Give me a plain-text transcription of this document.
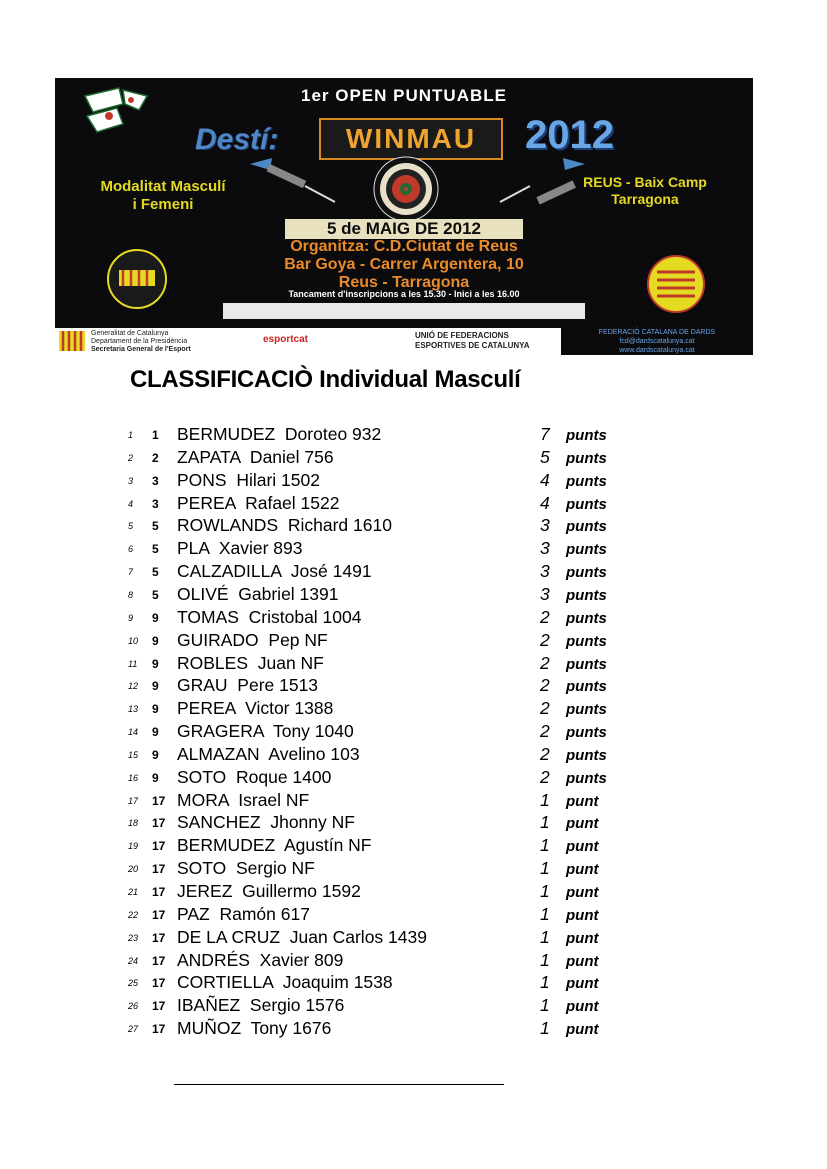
1er OPEN PUNTUABLE
Destí:	WINMAU	2012
Modalitat Masculí
i Femeni
REUS - Baix Camp
Tarragona
5 de MAIG DE 2012
Organitza: C.D.Ciutat de Reus
Bar Goya - Carrer Argentera, 10
Reus - Tarragona
Tancament d'inscripcions a les 15.30 - Inici a les 16.00
Generalitat de Catalunya
Departament de la Presidència
Secretaria General de l'Esport
esportcat	UNIÓ DE FEDERACIONS
ESPORTIVES DE CATALUNYA
FEDERACIÓ CATALANA DE DARDS
fcd@dardscatalunya.cat
www.dardscatalunya.cat
CLASSIFICACIÒ Individual Masculí
1 1	BERMUDEZ  Doroteo 932	7 punts
2 2	ZAPATA  Daniel 756	5 punts
3 3	PONS  Hilari 1502	4 punts
4 3	PEREA  Rafael 1522	4 punts
5 5	ROWLANDS  Richard 1610	3 punts
6 5	PLA  Xavier 893	3 punts
7 5	CALZADILLA  José 1491	3 punts
8 5	OLIVÉ  Gabriel 1391	3 punts
9 9	TOMAS  Cristobal 1004	2 punts
10 9	GUIRADO  Pep NF	2 punts
11 9	ROBLES  Juan NF	2 punts
12 9	GRAU  Pere 1513	2 punts
13 9	PEREA  Victor 1388	2 punts
14 9	GRAGERA  Tony 1040	2 punts
15 9	ALMAZAN  Avelino 103	2 punts
16 9	SOTO  Roque 1400	2 punts
17 17 MORA  Israel NF	1 punt
18 17 SANCHEZ  Jhonny NF	1 punt
19 17 BERMUDEZ  Agustín NF	1 punt
20 17 SOTO  Sergio NF	1 punt
21 17 JEREZ  Guillermo 1592	1 punt
22 17 PAZ  Ramón 617	1 punt
23 17 DE LA CRUZ  Juan Carlos 1439	1 punt
24 17 ANDRÉS  Xavier 809	1 punt
25 17 CORTIELLA  Joaquim 1538	1 punt
26 17 IBAÑEZ  Sergio 1576	1 punt
27 17 MUÑOZ  Tony 1676	1 punt
